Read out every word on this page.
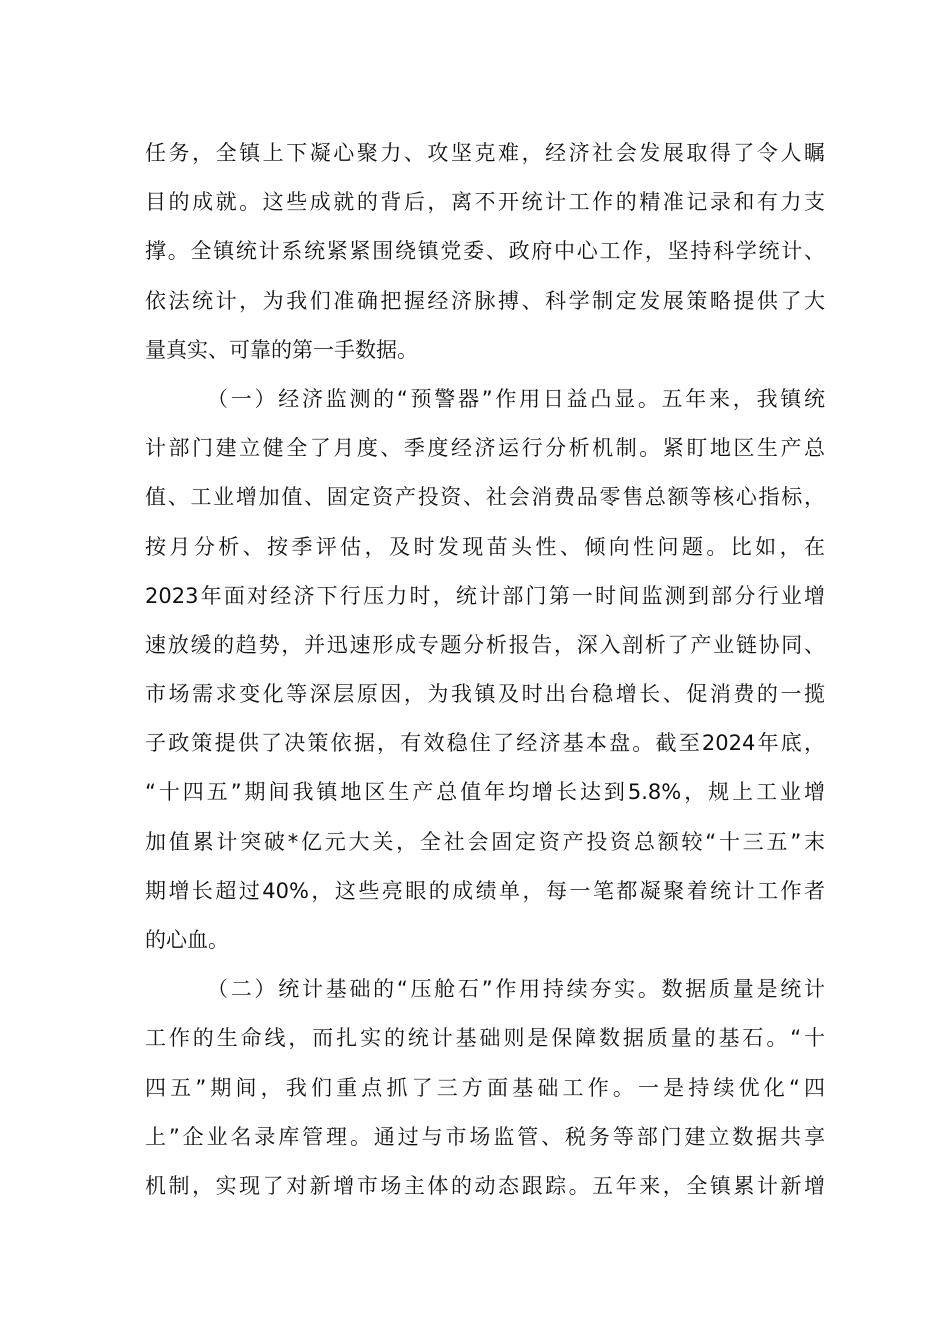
任务，全镇上下凝心聚力、攻坚克难，经济社会发展取得了令人瞩
目的成就。这些成就的背后，离不开统计工作的精准记录和有力支
撑。全镇统计系统紧紧围绕镇党委、政府中心工作，坚持科学统计、
依法统计，为我们准确把握经济脉搏、科学制定发展策略提供了大
量真实、可靠的第一手数据。
（一）经济监测的“预警器”作用日益凸显。五年来，我镇统
计部门建立健全了月度、季度经济运行分析机制。紧盯地区生产总
值、工业增加值、固定资产投资、社会消费品零售总额等核心指标，
按月分析、按季评估，及时发现苗头性、倾向性问题。比如，在
2023年面对经济下行压力时，统计部门第一时间监测到部分行业增
速放缓的趋势，并迅速形成专题分析报告，深入剖析了产业链协同、
市场需求变化等深层原因，为我镇及时出台稳增长、促消费的一揽
子政策提供了决策依据，有效稳住了经济基本盘。截至2024年底，
“十四五”期间我镇地区生产总值年均增长达到5.8%，规上工业增
加值累计突破*亿元大关，全社会固定资产投资总额较“十三五”末
期增长超过40%，这些亮眼的成绩单，每一笔都凝聚着统计工作者
的心血。
（二）统计基础的“压舱石”作用持续夯实。数据质量是统计
工作的生命线，而扎实的统计基础则是保障数据质量的基石。“十
四五”期间，我们重点抓了三方面基础工作。一是持续优化“四
上”企业名录库管理。通过与市场监管、税务等部门建立数据共享
机制，实现了对新增市场主体的动态跟踪。五年来，全镇累计新增
